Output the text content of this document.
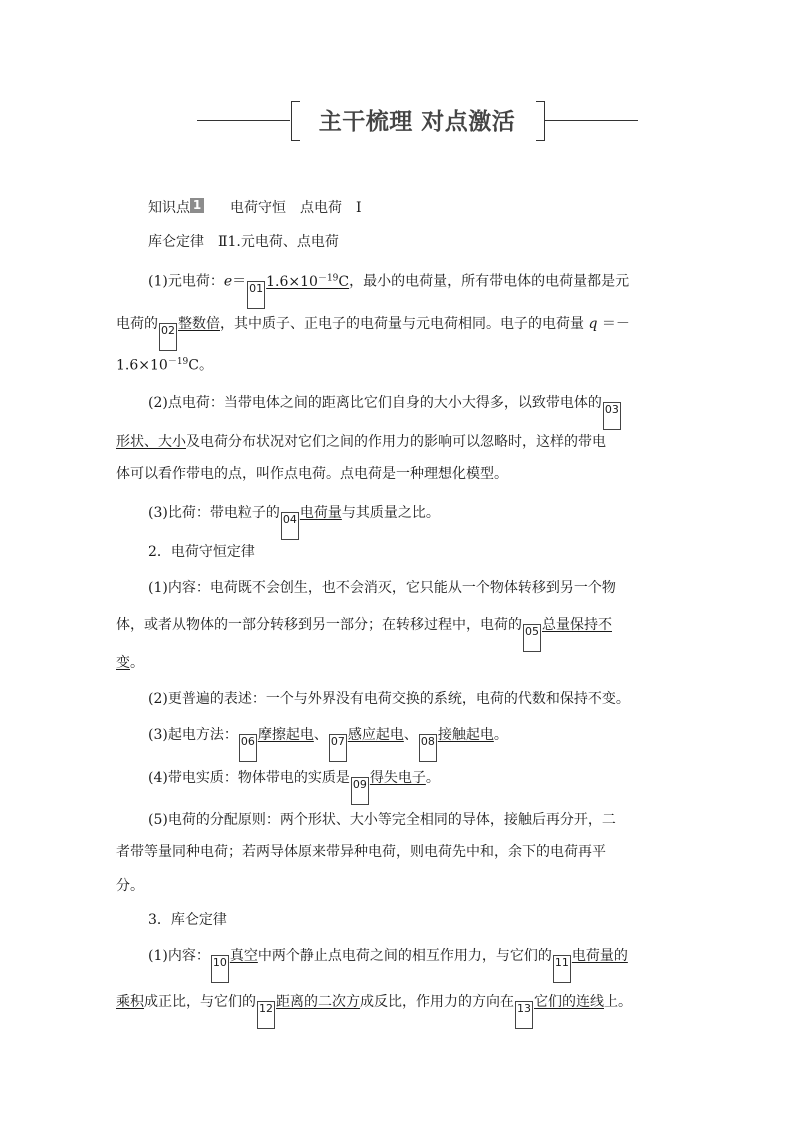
主干梳理 对点激活
知识点 1 电荷守恒　点电荷　Ⅰ
库仑定律　Ⅱ1.元电荷、点电荷
(1)元电荷：e＝ 01 $1.6\times 10^{-19}C$，最小的电荷量，所有带电体的电荷量都是元
电荷的 02 整数倍，其中质子、正电子的电荷量与元电荷相同。电子的电荷量 q ＝－
$1.6\times 10^{-19}C$。
(2)点电荷：当带电体之间的距离比它们自身的大小大得多，以致带电体的 03
形状、大小及电荷分布状况对它们之间的作用力的影响可以忽略时，这样的带电
体可以看作带电的点，叫作点电荷。点电荷是一种理想化模型。
(3)比荷：带电粒子的 04 电荷量与其质量之比。
2．电荷守恒定律
(1)内容：电荷既不会创生，也不会消灭，它只能从一个物体转移到另一个物
体，或者从物体的一部分转移到另一部分；在转移过程中，电荷的 05 总量保持不
变。
(2)更普遍的表述：一个与外界没有电荷交换的系统，电荷的代数和保持不变。
(3)起电方法： 06 摩擦起电、 07 感应起电、 08 接触起电。
(4)带电实质：物体带电的实质是 09 得失电子。
(5)电荷的分配原则：两个形状、大小等完全相同的导体，接触后再分开，二
者带等量同种电荷；若两导体原来带异种电荷，则电荷先中和，余下的电荷再平
分。
3．库仑定律
(1)内容： 10 真空中两个静止点电荷之间的相互作用力，与它们的 11 电荷量的
乘积成正比，与它们的 12 距离的二次方成反比，作用力的方向在 13 它们的连线上。
